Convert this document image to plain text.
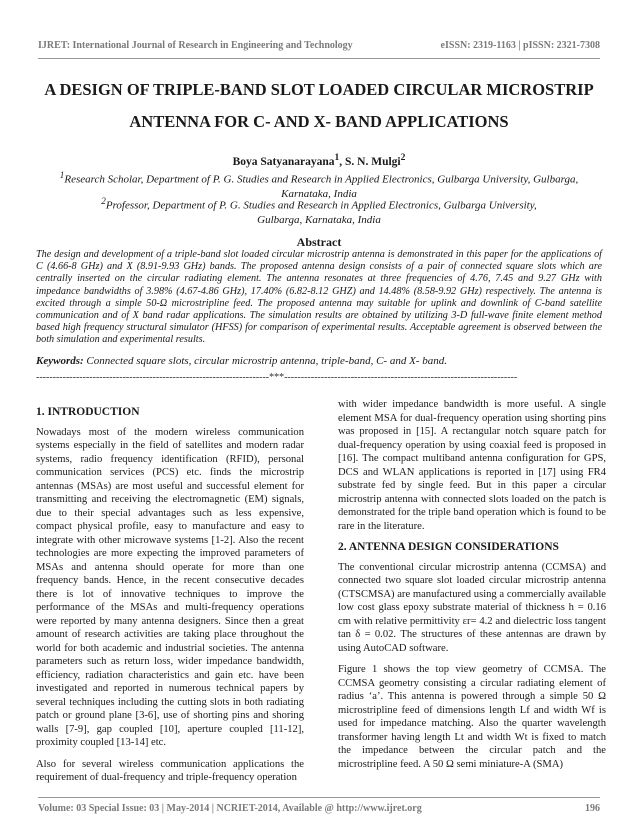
IJRET: International Journal of Research in Engineering and Technology	eISSN: 2319-1163 | pISSN: 2321-7308
A DESIGN OF TRIPLE-BAND SLOT LOADED CIRCULAR MICROSTRIP
ANTENNA FOR C- AND X- BAND APPLICATIONS
Boya Satyanarayana$^1$, S. N. Mulgi$^2$
$^1$Research Scholar, Department of P. G. Studies and Research in Applied Electronics, Gulbarga University, Gulbarga,
Karnataka, India
$^2$Professor, Department of P. G. Studies and Research in Applied Electronics, Gulbarga University,
Gulbarga, Karnataka, India
Abstract
The design and development of a triple-band slot loaded circular microstrip antenna is demonstrated in this paper for the applications of C (4.66-8 GHz) and X (8.91-9.93 GHz) bands. The proposed antenna design consists of a pair of connected square slots which are centrally inserted on the circular radiating element. The antenna resonates at three frequencies of 4.76, 7.45 and 9.27 GHz with impedance bandwidths of 3.98% (4.67-4.86 GHz), 17.40% (6.82-8.12 GHZ) and 14.48% (8.58-9.92 GHz) respectively. The antenna is excited through a simple 50-Ω microstripline feed. The proposed antenna may suitable for uplink and downlink of C-band satellite communication and of X band radar applications. The simulation results are obtained by utilizing 3-D full-wave finite element method based high frequency structural simulator (HFSS) for comparison of experimental results. Acceptable agreement is observed between the both simulation and experimental results.
Keywords: Connected square slots, circular microstrip antenna, triple-band, C- and X- band.
----------------------------------------------------------------------***----------------------------------------------------------------------
1. INTRODUCTION

Nowadays most of the modern wireless communication systems especially in the field of satellites and modern radar systems, radio frequency identification (RFID), personal communication services (PCS) etc. finds the microstrip antennas (MSAs) are most useful and successful element for transmitting and receiving the electromagnetic (EM) signals, due to their special advantages such as less expensive, compact physical profile, easy to manufacture and easy to integrate with other microwave systems [1-2]. Also the recent technologies are more expecting the improved parameters of MSAs and antenna should operate for more than one frequency bands. Hence, in the recent consecutive decades there is lot of innovative techniques to improve the performance of the MSAs and multi-frequency operations were reported by many antenna designers. Since then a great amount of research activities are taking place throughout the world for both academic and industrial societies. The antenna parameters such as return loss, wider impedance bandwidth, efficiency, radiation characteristics and gain etc. have been investigated and reported in numerous technical papers by several techniques including the cutting slots in both radiating patch or ground plane [3-6], use of shorting pins and shoring walls [7-9], gap coupled [10], aperture coupled [11-12], proximity coupled [13-14] etc.

Also for several wireless communication applications the requirement of dual-frequency and triple-frequency operation

with wider impedance bandwidth is more useful. A single element MSA for dual-frequency operation using shorting pins was proposed in [15]. A rectangular notch square patch for dual-frequency operation by using coaxial feed is proposed in [16]. The compact multiband antenna configuration for GPS, DCS and WLAN applications is reported in [17] using FR4 substrate fed by single feed. But in this paper a circular microstrip antenna with connected slots loaded on the patch is demonstrated for the triple band operation which is found to be rare in the literature.

2. ANTENNA DESIGN CONSIDERATIONS

The conventional circular microstrip antenna (CCMSA) and connected two square slot loaded circular microstrip antenna (CTSCMSA) are manufactured using a commercially available low cost glass epoxy substrate material of thickness h = 0.16 cm with relative permittivity εr= 4.2 and dielectric loss tangent tan δ = 0.02. The structures of these antennas are drawn by using AutoCAD software.

Figure 1 shows the top view geometry of CCMSA. The CCMSA geometry consisting a circular radiating element of radius ‘a’. This antenna is powered through a simple 50 Ω microstripline feed of dimensions length Lf and width Wf is used for impedance matching. Also the quarter wavelength transformer having length Lt and width Wt is fixed to match the impedance between the circular patch and the microstripline feed. A 50 Ω semi miniature-A (SMA)

Volume: 03 Special Issue: 03 | May-2014 | NCRIET-2014, Available @ http://www.ijret.org	196
